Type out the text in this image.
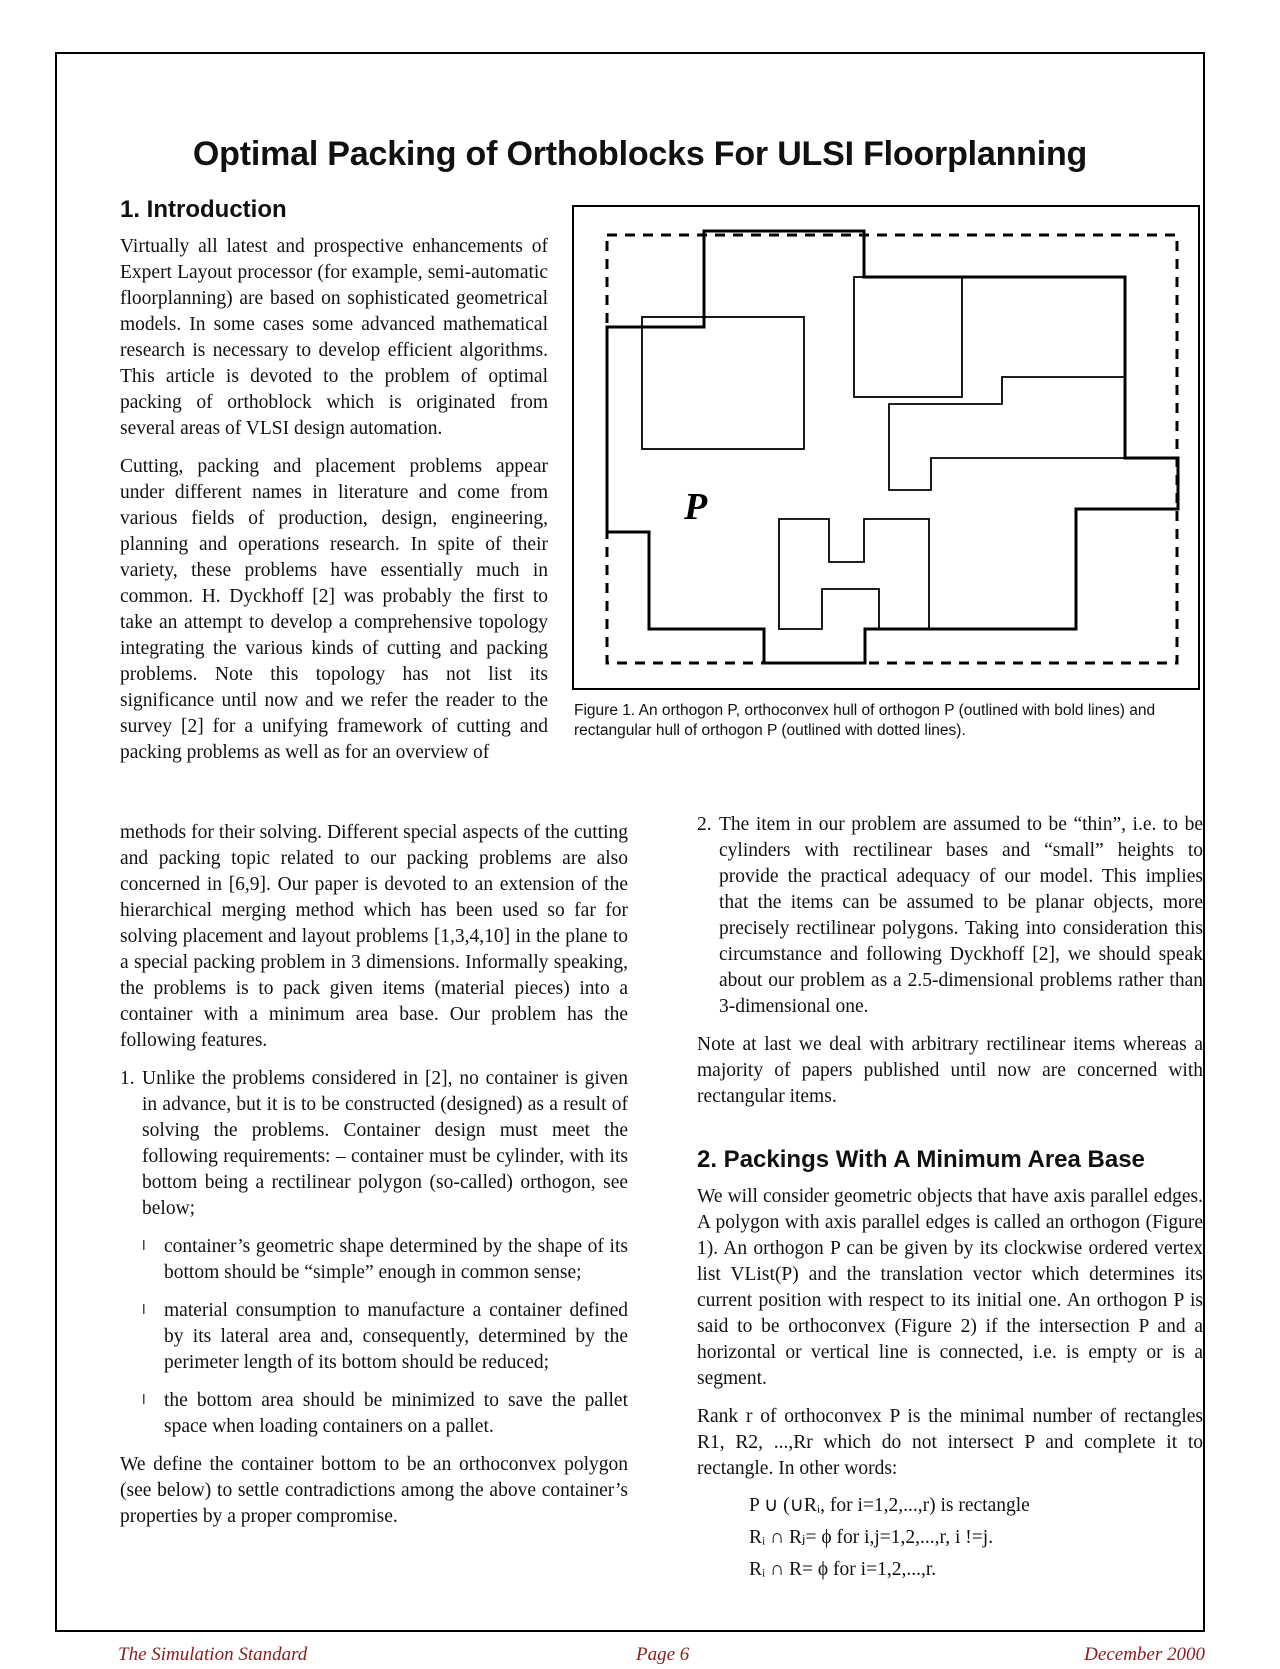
Optimal Packing of Orthoblocks For ULSI Floorplanning
1. Introduction

Virtually all latest and prospective enhancements of Expert Layout processor (for example, semi-automatic floorplanning) are based on sophisticated geometrical models. In some cases some advanced mathematical research is necessary to develop efficient algorithms. This article is devoted to the problem of optimal packing of orthoblock which is originated from several areas of VLSI design automation.

Cutting, packing and placement problems appear under different names in literature and come from various fields of production, design, engineering, planning and operations research. In spite of their variety, these problems have essentially much in common. H. Dyckhoff [2] was probably the first to take an attempt to develop a comprehensive topology integrating the various kinds of cutting and packing problems. Note this topology has not list its significance until now and we refer the reader to the survey [2] for a unifying framework of cutting and packing problems as well as for an overview of

P
Figure 1. An orthogon P, orthoconvex hull of orthogon P (outlined with bold lines) and rectangular hull of orthogon P (outlined with dotted lines).

methods for their solving. Different special aspects of the cutting and packing topic related to our packing problems are also concerned in [6,9]. Our paper is devoted to an extension of the hierarchical merging method which has been used so far for solving placement and layout problems [1,3,4,10] in the plane to a special packing problem in 3 dimensions. Informally speaking, the problems is to pack given items (material pieces) into a container with a minimum area base. Our problem has the following features.

1. Unlike the problems considered in [2], no container is given in advance, but it is to be constructed (designed) as a result of solving the problems. Container design must meet the following requirements: – container must be cylinder, with its bottom being a rectilinear polygon (so-called) orthogon, see below;

l container’s geometric shape determined by the shape of its bottom should be “simple” enough in common sense;

l material consumption to manufacture a container defined by its lateral area and, consequently, determined by the perimeter length of its bottom should be reduced;

l the bottom area should be minimized to save the pallet space when loading containers on a pallet.

We define the container bottom to be an orthoconvex polygon (see below) to settle contradictions among the above container’s properties by a proper compromise.

2. The item in our problem are assumed to be “thin”, i.e. to be cylinders with rectilinear bases and “small” heights to provide the practical adequacy of our model. This implies that the items can be assumed to be planar objects, more precisely rectilinear polygons. Taking into consideration this circumstance and following Dyckhoff [2], we should speak about our problem as a 2.5-dimensional problems rather than 3-dimensional one.

Note at last we deal with arbitrary rectilinear items whereas a majority of papers published until now are concerned with rectangular items.

2. Packings With A Minimum Area Base

We will consider geometric objects that have axis parallel edges. A polygon with axis parallel edges is called an orthogon (Figure 1). An orthogon P can be given by its clockwise ordered vertex list VList(P) and the translation vector which determines its current position with respect to its initial one. An orthogon P is said to be orthoconvex (Figure 2) if the intersection P and a horizontal or vertical line is connected, i.e. is empty or is a segment.

Rank r of orthoconvex P is the minimal number of rectangles R1, R2, ...,Rr which do not intersect P and complete it to rectangle. In other words:

P ∪ (∪Rᵢ, for i=1,2,...,r) is rectangle
Rᵢ ∩ Rⱼ= ϕ for i,j=1,2,...,r, i !=j.
Rᵢ ∩ R= ϕ for i=1,2,...,r.
The Simulation Standard	Page 6	December 2000
